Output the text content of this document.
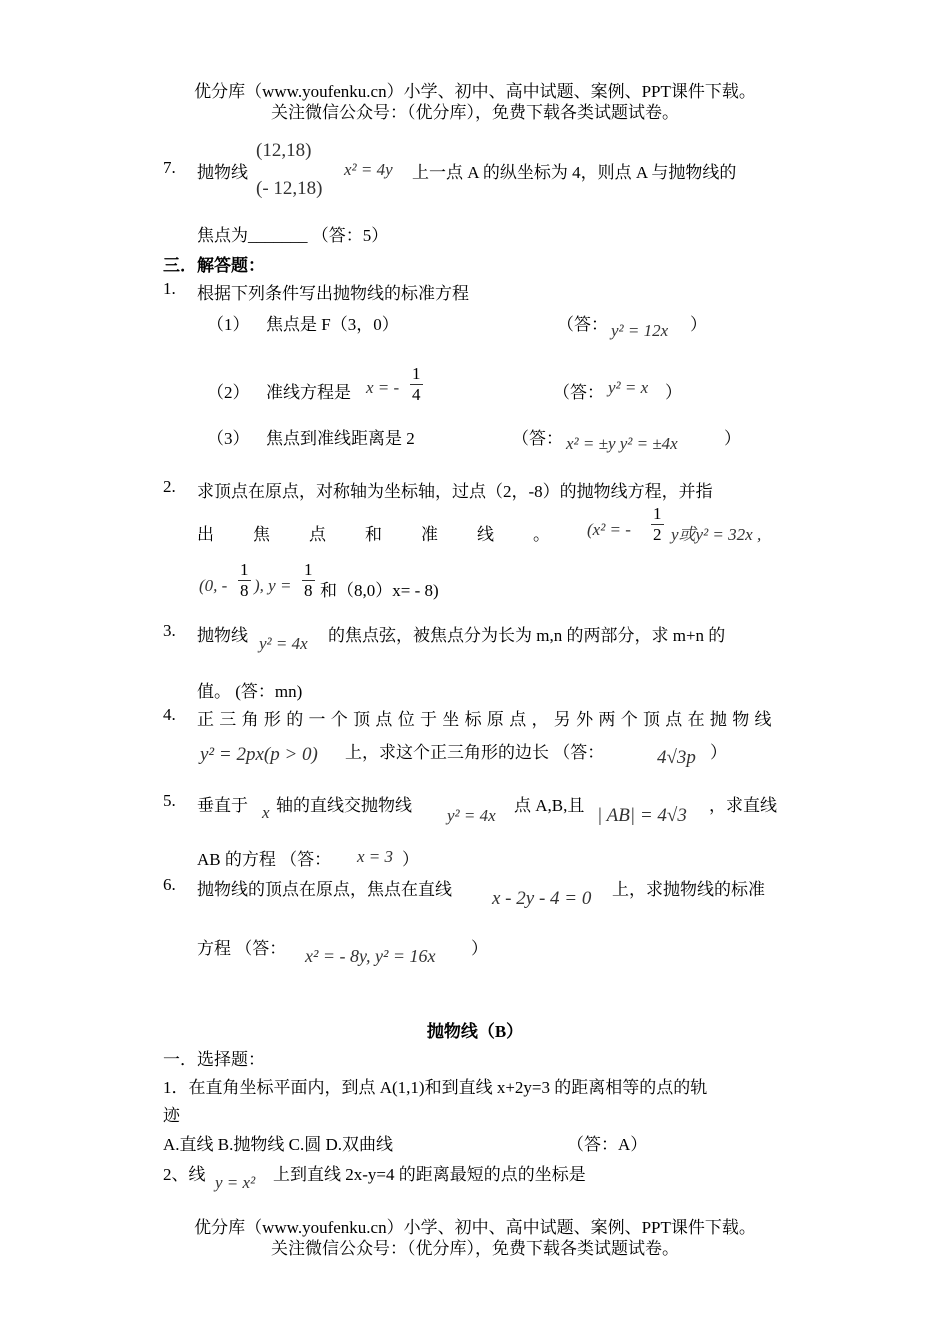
优分库（www.youfenku.cn）小学、初中、高中试题、案例、PPT课件下载。
关注微信公众号：（优分库），免费下载各类试题试卷。
7. 抛物线
(12,18)
(- 12,18)
x² = 4y 上一点 A 的纵坐标为 4，则点 A 与抛物线的
焦点为_______ （答：5）
三．解答题：
1. 根据下列条件写出抛物线的标准方程
（1） 焦点是 F（3，0）	（答： y² = 12x ）
（2） 准线方程是 x = - $\frac{1}{4}$	（答： y² = x ）
（3） 焦点到准线距离是 2	（答： x² = ±y y² = ±4x	）
2. 求顶点在原点，对称轴为坐标轴，过点（2，-8）的抛物线方程，并指
出 焦 点 和 准 线 。 (x² = - $\frac{1}{2}$ y或y² = 32x ,
(0, - $\frac{1}{8}$ ), $y = \frac{1}{8}$ 和（8,0）x= - 8)
3. 抛物线 y² = 4x 的焦点弦，被焦点分为长为 m,n 的两部分，求 m+n 的
值。 (答：mn)
4. 正三角形的一个顶点位于坐标原点，另外两个顶点在抛物线
y² = 2px(p > 0) 上，求这个正三角形的边长 （答：	4√3p ）
5. 垂直于 x 轴的直线交抛物线
y² = 4x
点 A,B,且 | AB| = 4√3 ，求直线
AB 的方程 （答： x = 3 ）
6. 抛物线的顶点在原点，焦点在直线 x - 2y - 4 = 0 上，求抛物线的标准
方程 （答： x² = - 8y, y² = 16x ）
抛物线（B）
一．选择题：
1．在直角坐标平面内，到点 A(1,1)和到直线 x+2y=3 的距离相等的点的轨
迹
A.直线 B.抛物线 C.圆 D.双曲线	（答：A）
2、线 y = x² 上到直线 2x-y=4 的距离最短的点的坐标是
优分库（www.youfenku.cn）小学、初中、高中试题、案例、PPT课件下载。
关注微信公众号：（优分库），免费下载各类试题试卷。
